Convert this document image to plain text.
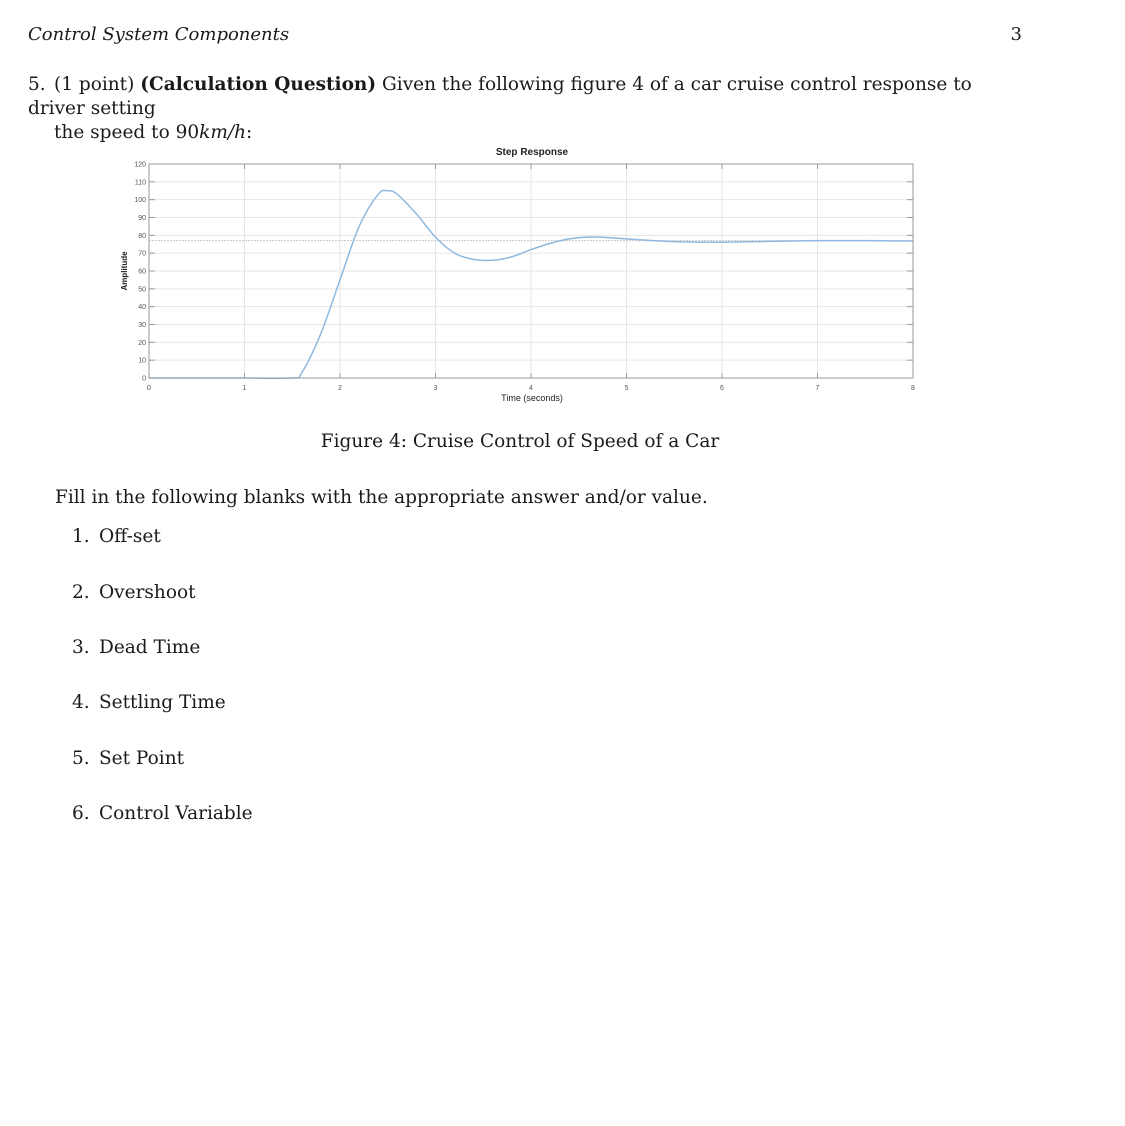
Control System Components	3
5. (1 point) (Calculation Question) Given the following figure 4 of a car cruise control response to driver setting
the speed to 90km/h:
Step Response
0	1	2	3	4	5	6	7	8
0
10
20
30
40
50
60
70
80
90
100
110
120
Time (seconds)
Amplitude
Figure 4: Cruise Control of Speed of a Car
Fill in the following blanks with the appropriate answer and/or value.
1. Off-set
2. Overshoot
3. Dead Time
4. Settling Time
5. Set Point
6. Control Variable
